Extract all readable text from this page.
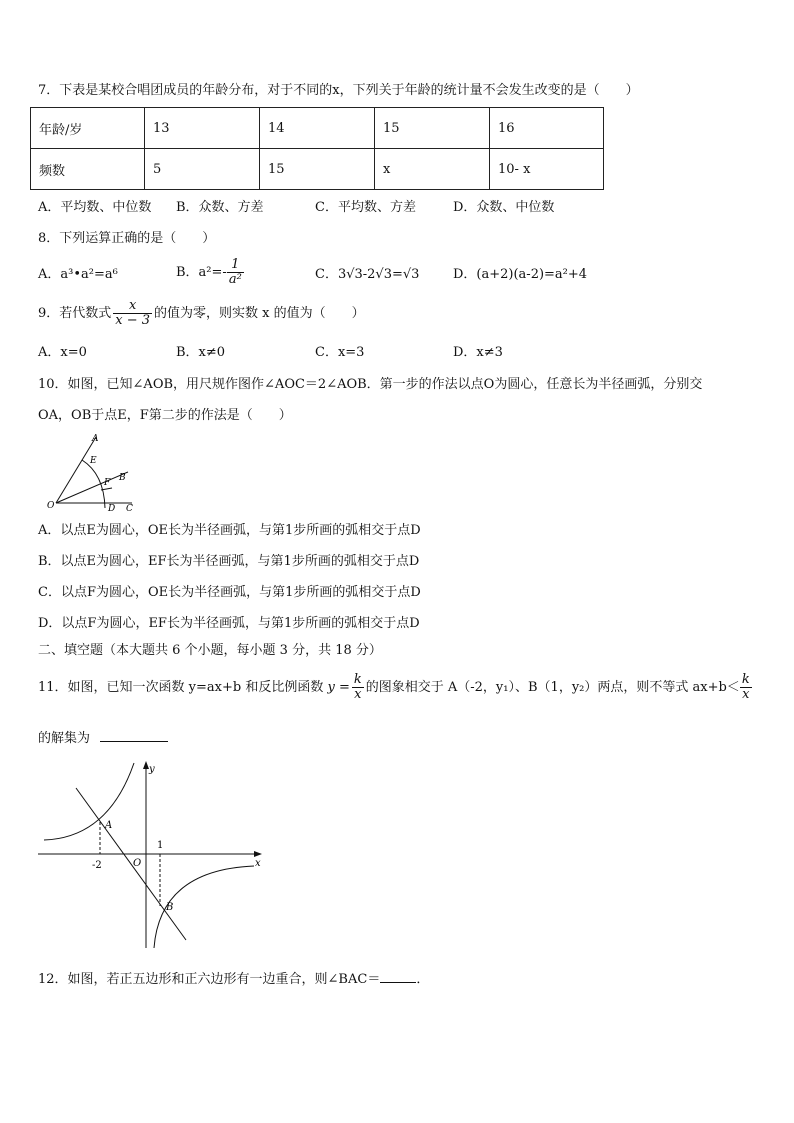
7．下表是某校合唱团成员的年龄分布，对于不同的x，下列关于年龄的统计量不会发生改变的是（　　）
年龄/岁	13	14	15	16
频数	5	15	x	10- x
A．平均数、中位数 B．众数、方差	C．平均数、方差	D．众数、中位数
8．下列运算正确的是（　　）
A．a³•a²=a⁶	B．$a^2=- \frac{1}{\text{a²}}$	C．3√3-2√3=√3	D．(a+2)(a-2)=a²+4
9．若代数式 $\frac{x}{x - 3}$ 的值为零，则实数 x 的值为（　　）
A．x=0	B．x≠0	C．x=3	D．x≠3
10．如图，已知∠AOB，用尺规作图作∠AOC＝2∠AOB．第一步的作法以点O为圆心，任意长为半径画弧，分别交
OA，OB于点E，F第二步的作法是（　　）
A
E
B
F
O	D C
A．以点E为圆心，OE长为半径画弧，与第1步所画的弧相交于点D
B．以点E为圆心，EF长为半径画弧，与第1步所画的弧相交于点D
C．以点F为圆心，OE长为半径画弧，与第1步所画的弧相交于点D
D．以点F为圆心，EF长为半径画弧，与第1步所画的弧相交于点D
二、填空题（本大题共 6 个小题，每小题 3 分，共 18 分）
11．如图，已知一次函数 y=ax+b 和反比例函数 $y = \frac{k}{x}$ 的图象相交于 A（-2，y₁）、B（1，y₂）两点，则不等式 $ax+b< \frac{k}{x}$
的解集为
y
x
A
B
O
-2
1
12．如图，若正五边形和正六边形有一边重合，则∠BAC＝	．
